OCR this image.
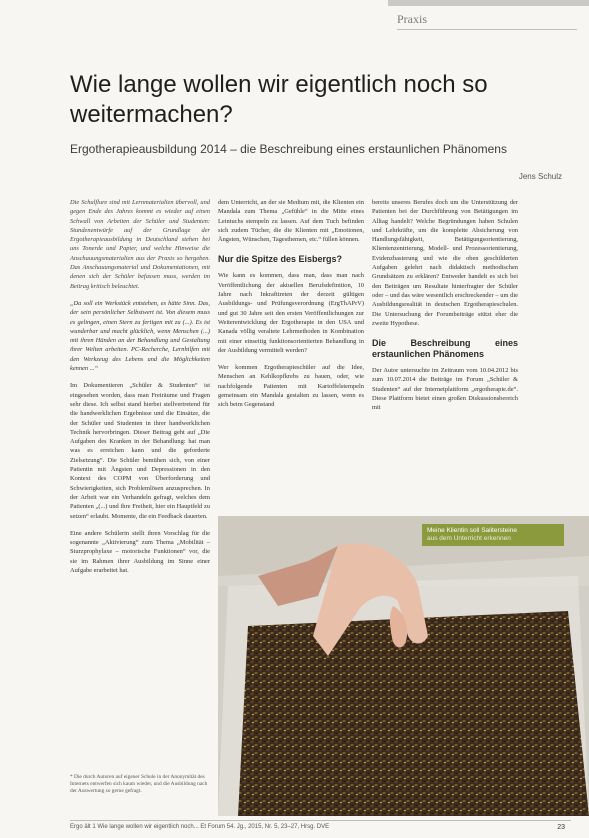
Praxis
Wie lange wollen wir eigentlich noch so weitermachen?

Ergotherapieausbildung 2014 – die Beschreibung eines erstaunlichen Phänomens

Jens Schulz

Die Schulflure sind mit Lernmaterialien übervoll, und gegen Ende des Jahres kommt es wieder auf einen Schwall von Arbeiten der Schüler und Studenten: Stundenentwürfe auf der Grundlage der Ergotherapieausbildung in Deutschland stehen bei uns Tonerde und Papier, und welche Hinweise die Anschauungsmaterialien aus der Praxis so hergeben. Das Anschauungsmaterial und Dokumentationen, mit denen sich der Schüler befassen muss, werden im Beitrag kritisch beleuchtet.

„Da soll ein Werkstück entstehen, es hätte Sinn. Das, der sein persönlicher Selbstwert ist. Von diesem muss es gelingen, einen Stern zu fertigen mit zu (...). Es ist wunderbar und macht glücklich, wenn Menschen (...) mit ihren Händen an der Behandlung und Gestaltung ihrer Welten arbeiten. PC-Recherche, Lernhilfen mit den Werkzeug des Lebens und die Möglichkeiten kennen ...“

Im Dokumentieren „Schüler & Studenten“ ist eingesehen worden, dass man Freiräume und Fragen sehr diese. Ich selbst stand hierbei stellvertretend für die handwerklichen Ergebnisse und die Einsätze, die der Schüler und Studenten in ihrer handwerklichen Technik hervorbringen. Dieser Beitrag geht auf „Die Aufgaben des Kranken in der Behandlung: hat man was es erreichen kann und die geforderte Zielsetzung“. Die Schüler bemühen sich, von einer Patientin mit Ängsten und Depressionen in den Kontext des COPM von Überforderung und Schwierigkeiten, sich Problemlösen anzusprechen. In der Arbeit war ein Verhandeln gefragt, welches dem Patienten „(...) und ihre Freiheit, hier ein Hauptfeld zu setzen“ erlaubt. Momente, die ein Feedback dauerten.

Eine andere Schülerin stellt ihren Vorschlag für die sogenannte „Aktivierung“ zum Thema „Mobilität – Sturzprophylaxe – motorische Funktionen“ vor, die sie im Rahmen ihrer Ausbildung im Sinne einer Aufgabe erarbeitet hat.

dem Unterricht, an der sie Medium mit, die Klienten ein Mandala zum Thema „Gefühle“ in die Mitte eines Leintuchs stempeln zu lassen. Auf dem Tuch befinden sich zudem Tücher, die die Klienten mit „Emotionen, Ängsten, Wünschen, Tagesthemen, etc.“ füllen können.

Nur die Spitze des Eisbergs?

Wie kann es kommen, dass man, dass man nach Veröffentlichung der aktuellen Berufsdefinition, 10 Jahre nach Inkrafttreten der derzeit gültigen Ausbildungs- und Prüfungsverordnung (ErgThAPrV) und gut 30 Jahre seit den ersten Veröffentlichungen zur Weiterentwicklung der Ergotherapie in den USA und Kanada völlig veraltete Lehrmethoden in Kombination mit einer einseitig funktionsorientierten Behandlung in der Ausbildung vermittelt werden?

Wer kommen Ergotherapieschüler auf die Idee, Menschen an Kehlkopfkrebs zu bauen, oder, wie nachfolgende Patienten mit Kartoffelstempeln gemeinsam ein Mandala gestalten zu lassen, wenn es sich beim Gegenstand

bereits unseres Berufes doch um die Unterstützung der Patienten bei der Durchführung von Betätigungen im Alltag handelt? Welche Begründungen haben Schulen und Lehrkräfte, um die komplette Absicherung von Handlungsfähigkeit, Betätigungsorientierung, Klientenzentrierung, Modell- und Prozessorientierung, Evidenzbasierung und wie die oben geschilderten Aufgaben gelehrt nach didaktisch methodischen Grundsätzen zu erklären? Entweder handelt es sich bei den Beiträgen um Resultate hinterfragter der Schüler oder – und das wäre wesentlich erschreckender – um die Ausbildungsrealität in deutschen Ergotherapieschulen. Die Untersuchung der Forumbeiträge stützt eher die zweite Hypothese.

Die Beschreibung eines erstaunlichen Phänomens

Der Autor untersuchte im Zeitraum vom 10.04.2012 bis zum 10.07.2014 die Beiträge im Forum „Schüler & Studenten“ auf der Internetplattform „ergotherapie.de“. Diese Plattform bietet einen großen Diskussionsbereich mit

* Die durch Autoren auf eigener Schule in der Anonymität des Internets entwerfen sich kaum wieder, und die Ausbildung nach der Auswertung so gerne gefragt.
Meine Klientin soll Salitersteine
aus dem Unterricht erkennen
Ergo ält 1 Wie lange wollen wir eigentlich noch... Et Forum 54. Jg., 2015, Nr. 5, 23–27, Hrsg. DVE	23
